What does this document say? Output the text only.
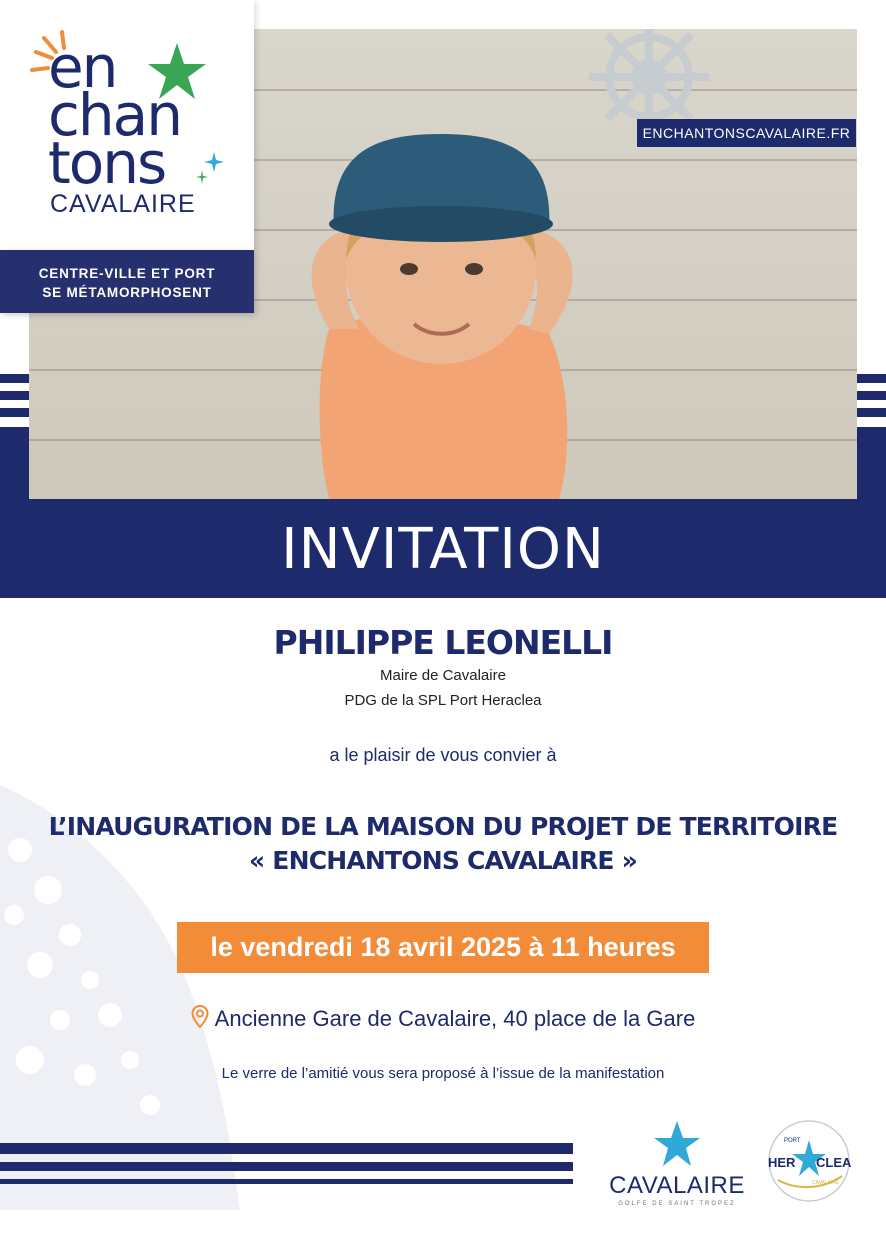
ENCHANTONSCAVALAIRE.FR
en
chan
tons
CAVALAIRE
CENTRE-VILLE ET PORT
SE MÉTAMORPHOSENT
INVITATION
PHILIPPE LEONELLI
Maire de Cavalaire
PDG de la SPL Port Heraclea
a le plaisir de vous convier à
L’INAUGURATION DE LA MAISON DU PROJET DE TERRITOIRE
« ENCHANTONS CAVALAIRE »
le vendredi 18 avril 2025 à 11 heures
Ancienne Gare de Cavalaire, 40 place de la Gare
Le verre de l’amitié vous sera proposé à l’issue de la manifestation
CAVALAIRE
GOLFE DE SAINT TROPEZ
PORT
HER CLEA
CAVALAIRE
